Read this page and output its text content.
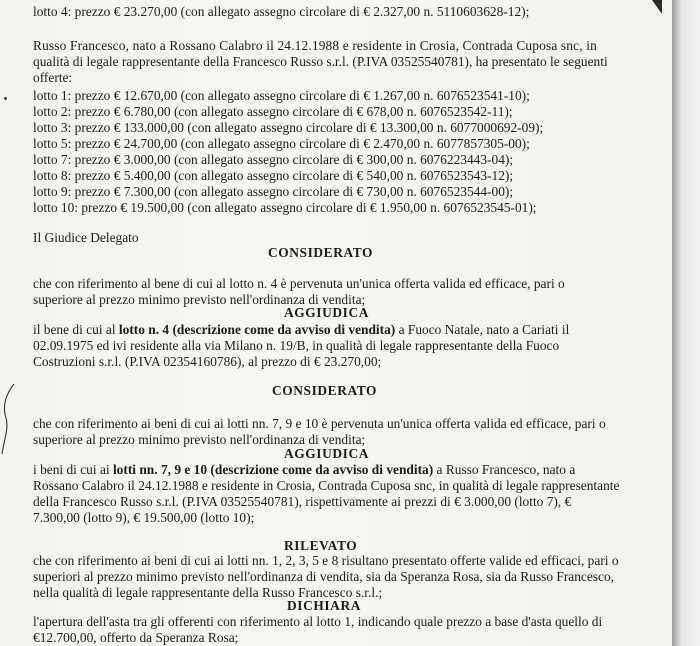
lotto 4: prezzo € 23.270,00 (con allegato assegno circolare di € 2.327,00 n. 5110603628-12);
Russo Francesco, nato a Rossano Calabro il 24.12.1988 e residente in Crosia, Contrada Cuposa snc, in
qualità di legale rappresentante della Francesco Russo s.r.l. (P.IVA 03525540781), ha presentato le seguenti
offerte:
lotto 1: prezzo € 12.670,00 (con allegato assegno circolare di € 1.267,00 n. 6076523541-10);
lotto 2: prezzo € 6.780,00 (con allegato assegno circolare di € 678,00 n. 6076523542-11);
lotto 3: prezzo € 133.000,00 (con allegato assegno circolare di € 13.300,00 n. 6077000692-09);
lotto 5: prezzo € 24.700,00 (con allegato assegno circolare di € 2.470,00 n. 6077857305-00);
lotto 7: prezzo € 3.000,00 (con allegato assegno circolare di € 300,00 n. 6076223443-04);
lotto 8: prezzo € 5.400,00 (con allegato assegno circolare di € 540,00 n. 6076523543-12);
lotto 9: prezzo € 7.300,00 (con allegato assegno circolare di € 730,00 n. 6076523544-00);
lotto 10: prezzo € 19.500,00 (con allegato assegno circolare di € 1.950,00 n. 6076523545-01);
Il Giudice Delegato
CONSIDERATO
che con riferimento al bene di cui al lotto n. 4 è pervenuta un'unica offerta valida ed efficace, pari o
superiore al prezzo minimo previsto nell'ordinanza di vendita;
AGGIUDICA
il bene di cui al lotto n. 4 (descrizione come da avviso di vendita) a Fuoco Natale, nato a Cariati il
02.09.1975 ed ivi residente alla via Milano n. 19/B, in qualità di legale rappresentante della Fuoco
Costruzioni s.r.l. (P.IVA 02354160786), al prezzo di € 23.270,00;
CONSIDERATO
che con riferimento ai beni di cui ai lotti nn. 7, 9 e 10 è pervenuta un'unica offerta valida ed efficace, pari o
superiore al prezzo minimo previsto nell'ordinanza di vendita;
AGGIUDICA
i beni di cui ai lotti nn. 7, 9 e 10 (descrizione come da avviso di vendita) a Russo Francesco, nato a
Rossano Calabro il 24.12.1988 e residente in Crosia, Contrada Cuposa snc, in qualità di legale rappresentante
della Francesco Russo s.r.l. (P.IVA 03525540781), rispettivamente ai prezzi di € 3.000,00 (lotto 7), €
7.300,00 (lotto 9), € 19.500,00 (lotto 10);
RILEVATO
che con riferimento ai beni di cui ai lotti nn. 1, 2, 3, 5 e 8 risultano presentato offerte valide ed efficaci, pari o
superiori al prezzo minimo previsto nell'ordinanza di vendita, sia da Speranza Rosa, sia da Russo Francesco,
nella qualità di legale rappresentante della Russo Francesco s.r.l.;
DICHIARA
l'apertura dell'asta tra gli offerenti con riferimento al lotto 1, indicando quale prezzo a base d'asta quello di
€12.700,00, offerto da Speranza Rosa;
